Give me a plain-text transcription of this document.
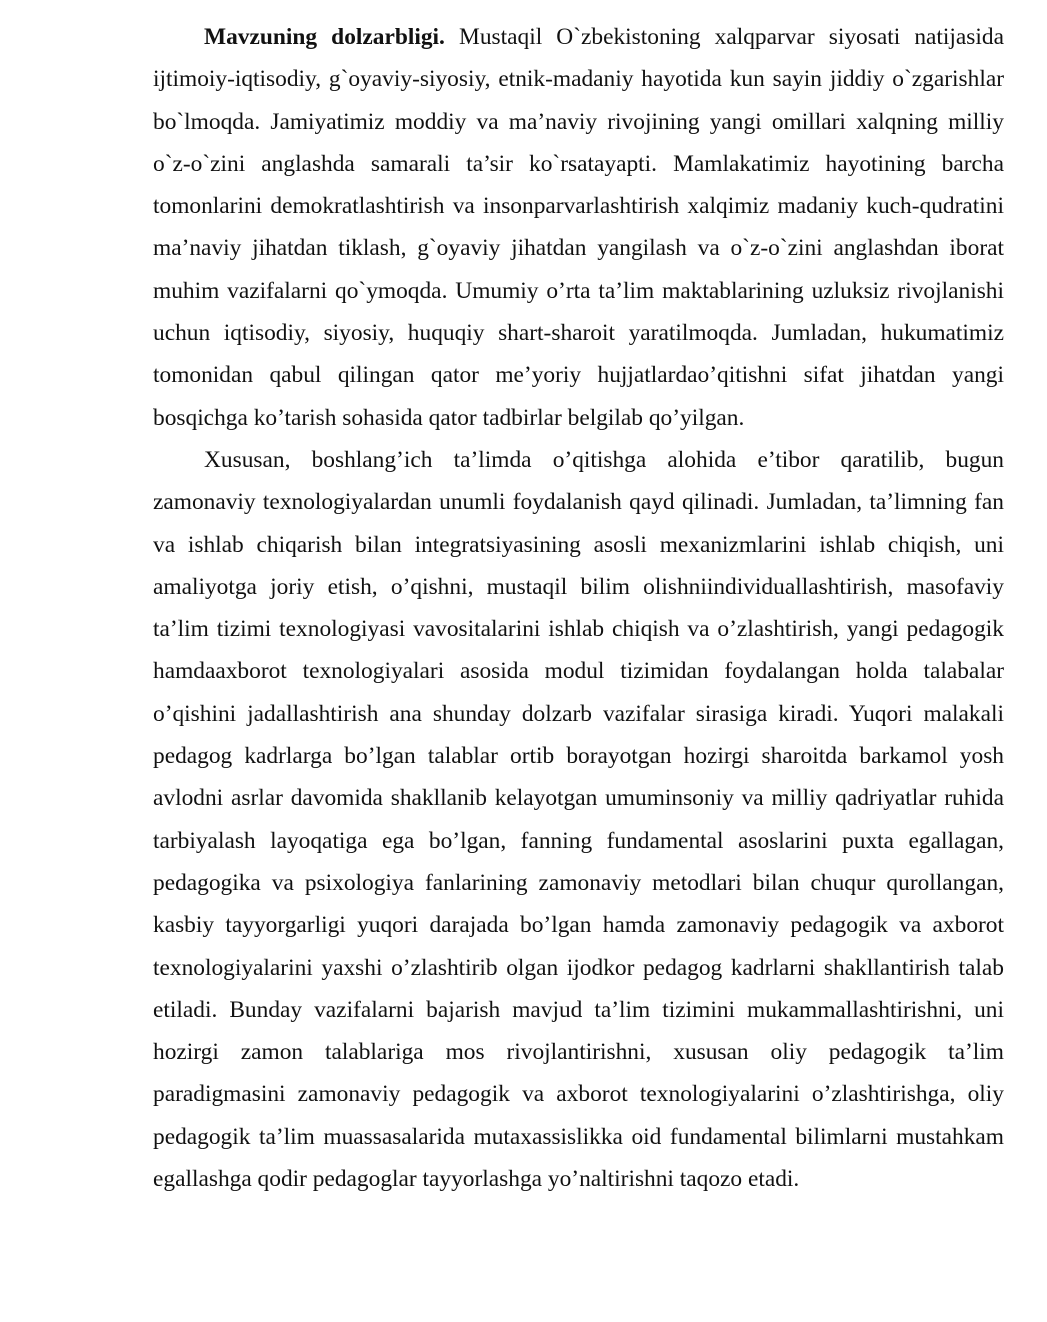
Mavzuning dolzarbligi. Mustaqil O`zbekistoning xalqparvar siyosati natijasida ijtimoiy-iqtisodiy, g`oyaviy-siyosiy, etnik-madaniy hayotida kun sayin jiddiy o`zgarishlar bo`lmoqda. Jamiyatimiz moddiy va ma’naviy rivojining yangi omillari xalqning milliy o`z-o`zini anglashda samarali ta’sir ko`rsatayapti. Mamlakatimiz hayotining barcha tomonlarini demokratlashtirish va insonparvarlashtirish xalqimiz madaniy kuch-qudratini ma’naviy jihatdan tiklash, g`oyaviy jihatdan yangilash va o`z-o`zini anglashdan iborat muhim vazifalarni qo`ymoqda. Umumiy o’rta ta’lim maktablarining uzluksiz rivojlanishi uchun iqtisodiy, siyosiy, huquqiy shart-sharoit yaratilmoqda. Jumladan, hukumatimiz tomonidan qabul qilingan qator me’yoriy hujjatlardao’qitishni sifat jihatdan yangi bosqichga ko’tarish sohasida qator tadbirlar belgilab qo’yilgan.

Xususan, boshlang’ich ta’limda o’qitishga alohida e’tibor qaratilib, bugun zamonaviy texnologiyalardan unumli foydalanish qayd qilinadi. Jumladan, ta’limning fan va ishlab chiqarish bilan integratsiyasining asosli mexanizmlarini ishlab chiqish, uni amaliyotga joriy etish, o’qishni, mustaqil bilim olishniindividuallashtirish, masofaviy ta’lim tizimi texnologiyasi vavositalarini ishlab chiqish va o’zlashtirish, yangi pedagogik hamdaaxborot texnologiyalari asosida modul tizimidan foydalangan holda talabalar o’qishini jadallashtirish ana shunday dolzarb vazifalar sirasiga kiradi. Yuqori malakali pedagog kadrlarga bo’lgan talablar ortib borayotgan hozirgi sharoitda barkamol yosh avlodni asrlar davomida shakllanib kelayotgan umuminsoniy va milliy qadriyatlar ruhida tarbiyalash layoqatiga ega bo’lgan, fanning fundamental asoslarini puxta egallagan, pedagogika va psixologiya fanlarining zamonaviy metodlari bilan chuqur qurollangan, kasbiy tayyorgarligi yuqori darajada bo’lgan hamda zamonaviy pedagogik va axborot texnologiyalarini yaxshi o’zlashtirib olgan ijodkor pedagog kadrlarni shakllantirish talab etiladi. Bunday vazifalarni bajarish mavjud ta’lim tizimini mukammallashtirishni, uni hozirgi zamon talablariga mos rivojlantirishni, xususan oliy pedagogik ta’lim paradigmasini zamonaviy pedagogik va axborot texnologiyalarini o’zlashtirishga, oliy pedagogik ta’lim muassasalarida mutaxassislikka oid fundamental bilimlarni mustahkam egallashga qodir pedagoglar tayyorlashga yo’naltirishni taqozo etadi.
